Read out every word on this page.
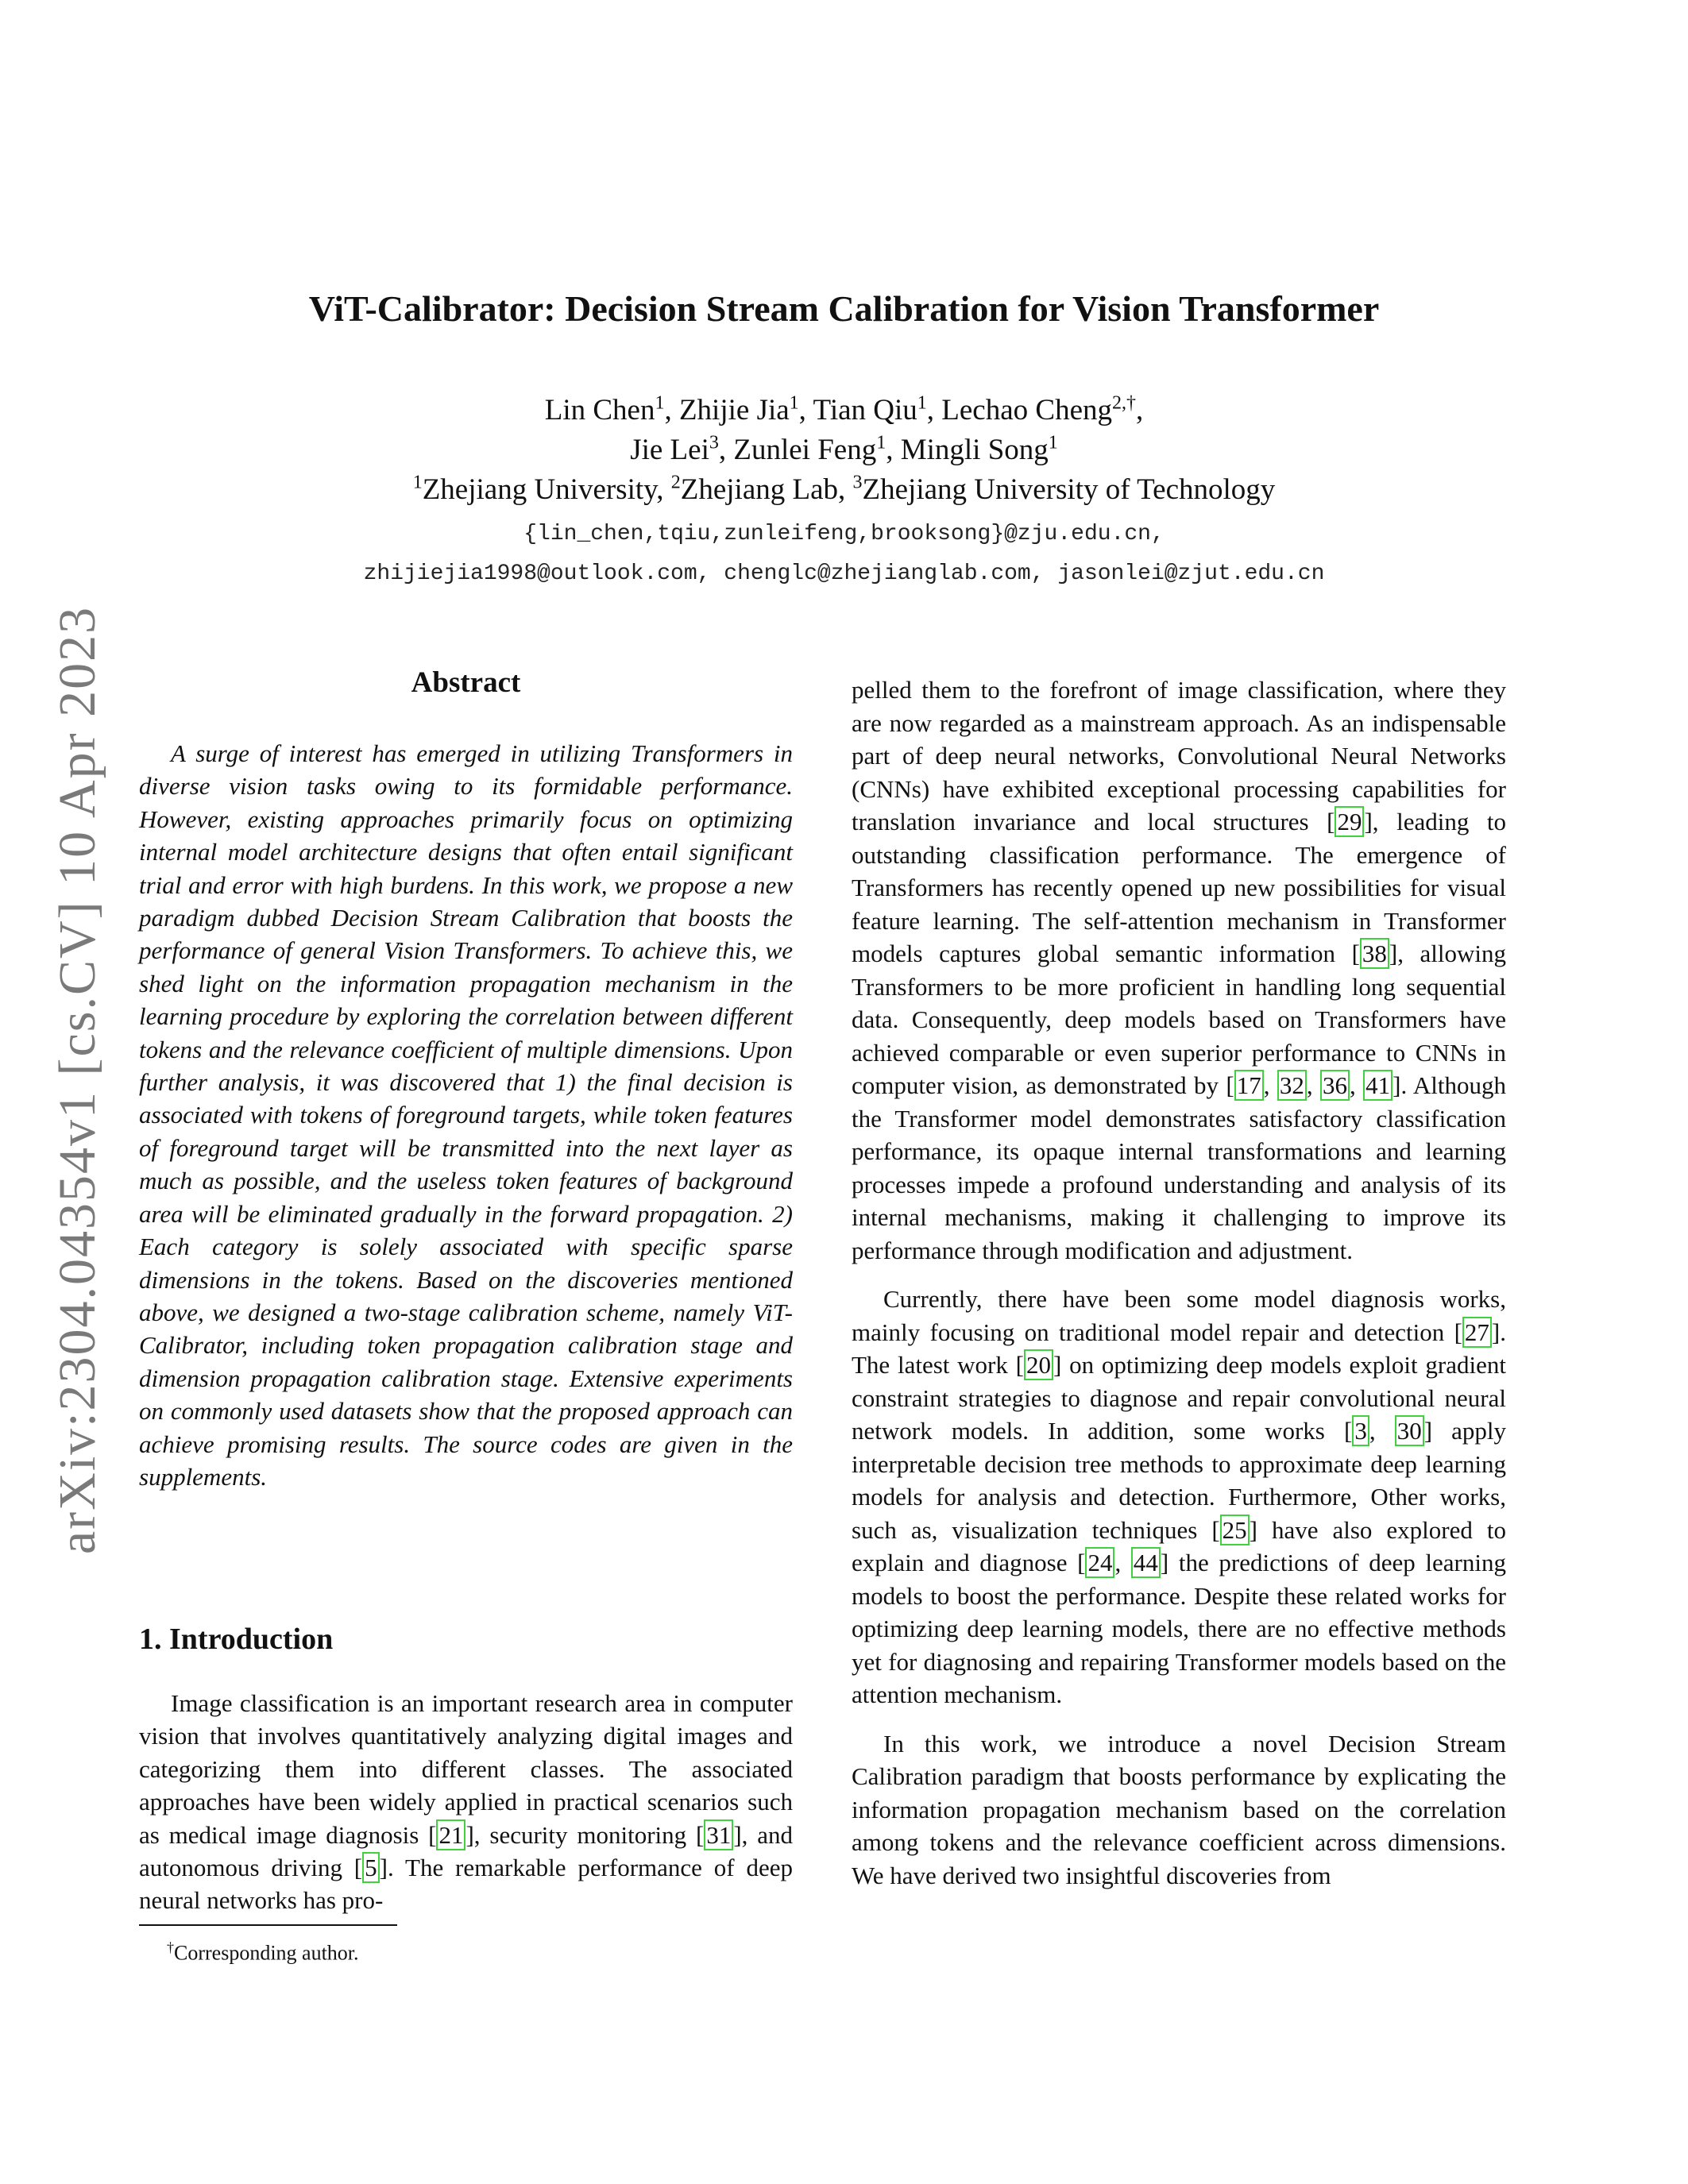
arXiv:2304.04354v1 [cs.CV] 10 Apr 2023
ViT-Calibrator: Decision Stream Calibration for Vision Transformer
Lin Chen$^1$, Zhijie Jia$^1$, Tian Qiu$^1$, Lechao Cheng$^{2,\dagger}$,
Jie Lei$^3$, Zunlei Feng$^1$, Mingli Song$^1$
$^1$Zhejiang University, $^2$Zhejiang Lab, $^3$Zhejiang University of Technology
{lin_chen,tqiu,zunleifeng,brooksong}@zju.edu.cn,
zhijiejia1998@outlook.com, chenglc@zhejianglab.com, jasonlei@zjut.edu.cn
Abstract

A surge of interest has emerged in utilizing Transformers in diverse vision tasks owing to its formidable performance. However, existing approaches primarily focus on optimizing internal model architecture designs that often entail significant trial and error with high burdens. In this work, we propose a new paradigm dubbed Decision Stream Calibration that boosts the performance of general Vision Transformers. To achieve this, we shed light on the information propagation mechanism in the learning procedure by exploring the correlation between different tokens and the relevance coefficient of multiple dimensions. Upon further analysis, it was discovered that 1) the final decision is associated with tokens of foreground targets, while token features of foreground target will be transmitted into the next layer as much as possible, and the useless token features of background area will be eliminated gradually in the forward propagation. 2) Each category is solely associated with specific sparse dimensions in the tokens. Based on the discoveries mentioned above, we designed a two-stage calibration scheme, namely ViT-Calibrator, including token propagation calibration stage and dimension propagation calibration stage. Extensive experiments on commonly used datasets show that the proposed approach can achieve promising results. The source codes are given in the supplements.

1. Introduction

Image classification is an important research area in computer vision that involves quantitatively analyzing digital images and categorizing them into different classes. The associated approaches have been widely applied in practical scenarios such as medical image diagnosis [21], security monitoring [31], and autonomous driving [5]. The remarkable performance of deep neural networks has pro-

pelled them to the forefront of image classification, where they are now regarded as a mainstream approach. As an indispensable part of deep neural networks, Convolutional Neural Networks (CNNs) have exhibited exceptional processing capabilities for translation invariance and local structures [29], leading to outstanding classification performance. The emergence of Transformers has recently opened up new possibilities for visual feature learning. The self-attention mechanism in Transformer models captures global semantic information [38], allowing Transformers to be more proficient in handling long sequential data. Consequently, deep models based on Transformers have achieved comparable or even superior performance to CNNs in computer vision, as demonstrated by [17, 32, 36, 41]. Although the Transformer model demonstrates satisfactory classification performance, its opaque internal transformations and learning processes impede a profound understanding and analysis of its internal mechanisms, making it challenging to improve its performance through modification and adjustment.

Currently, there have been some model diagnosis works, mainly focusing on traditional model repair and detection [27]. The latest work [20] on optimizing deep models exploit gradient constraint strategies to diagnose and repair convolutional neural network models. In addition, some works [3, 30] apply interpretable decision tree methods to approximate deep learning models for analysis and detection. Furthermore, Other works, such as, visualization techniques [25] have also explored to explain and diagnose [24, 44] the predictions of deep learning models to boost the performance. Despite these related works for optimizing deep learning models, there are no effective methods yet for diagnosing and repairing Transformer models based on the attention mechanism.

In this work, we introduce a novel Decision Stream Calibration paradigm that boosts performance by explicating the information propagation mechanism based on the correlation among tokens and the relevance coefficient across dimensions. We have derived two insightful discoveries from

†Corresponding author.
